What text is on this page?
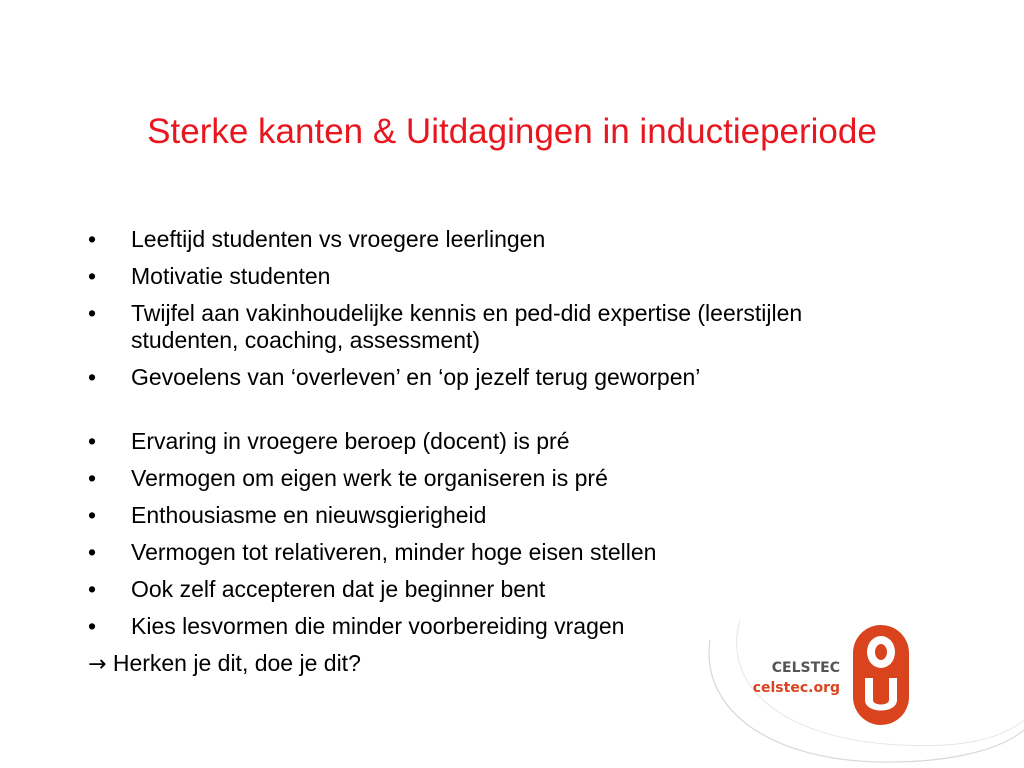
Sterke kanten & Uitdagingen in inductieperiode
• Leeftijd studenten vs vroegere leerlingen
• Motivatie studenten
• Twijfel aan vakinhoudelijke kennis en ped-did expertise (leerstijlen studenten, coaching, assessment)
• Gevoelens van ‘overleven’ en ‘op jezelf terug geworpen’
• Ervaring in vroegere beroep (docent) is pré
• Vermogen om eigen werk te organiseren is pré
• Enthousiasme en nieuwsgierigheid
• Vermogen tot relativeren, minder hoge eisen stellen
• Ook zelf accepteren dat je beginner bent
• Kies lesvormen die minder voorbereiding vragen
→ Herken je dit, doe je dit?	CELSTEC
celstec.org
